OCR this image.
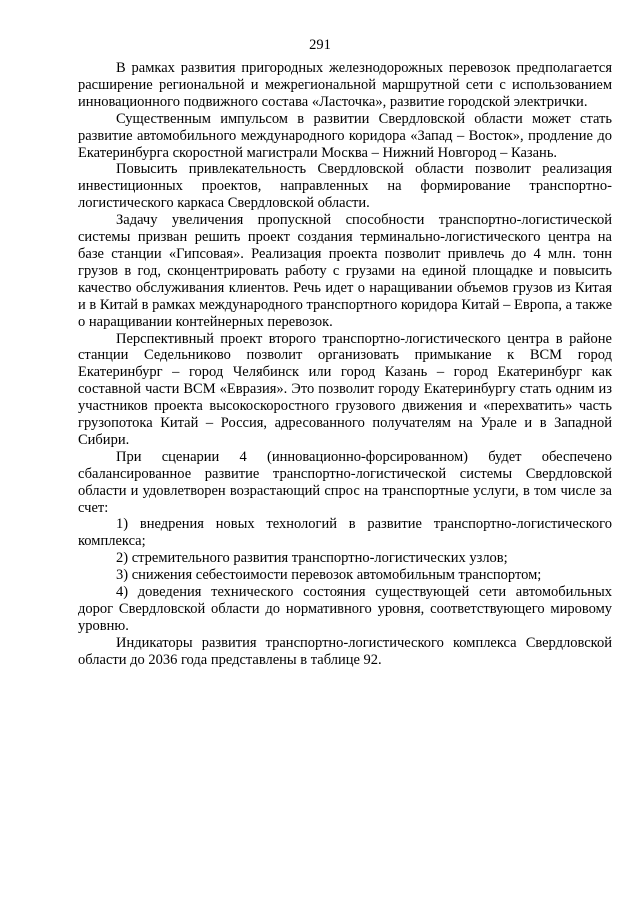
291

В рамках развития пригородных железнодорожных перевозок предполагается расширение региональной и межрегиональной маршрутной сети с использованием инновационного подвижного состава «Ласточка», развитие городской электрички.

Существенным импульсом в развитии Свердловской области может стать развитие автомобильного международного коридора «Запад – Восток», продление до Екатеринбурга скоростной магистрали Москва – Нижний Новгород – Казань.

Повысить привлекательность Свердловской области позволит реализация инвестиционных проектов, направленных на формирование транспортно-логистического каркаса Свердловской области.

Задачу увеличения пропускной способности транспортно-логистической системы призван решить проект создания терминально-логистического центра на базе станции «Гипсовая». Реализация проекта позволит привлечь до 4 млн. тонн грузов в год, сконцентрировать работу с грузами на единой площадке и повысить качество обслуживания клиентов. Речь идет о наращивании объемов грузов из Китая и в Китай в рамках международного транспортного коридора Китай – Европа, а также о наращивании контейнерных перевозок.

Перспективный проект второго транспортно-логистического центра в районе станции Седельниково позволит организовать примыкание к ВСМ город Екатеринбург – город Челябинск или город Казань – город Екатеринбург как составной части ВСМ «Евразия». Это позволит городу Екатеринбургу стать одним из участников проекта высокоскоростного грузового движения и «перехватить» часть грузопотока Китай – Россия, адресованного получателям на Урале и в Западной Сибири.

При сценарии 4 (инновационно-форсированном) будет обеспечено сбалансированное развитие транспортно-логистической системы Свердловской области и удовлетворен возрастающий спрос на транспортные услуги, в том числе за счет:

1) внедрения новых технологий в развитие транспортно-логистического комплекса;

2) стремительного развития транспортно-логистических узлов;

3) снижения себестоимости перевозок автомобильным транспортом;

4) доведения технического состояния существующей сети автомобильных дорог Свердловской области до нормативного уровня, соответствующего мировому уровню.

Индикаторы развития транспортно-логистического комплекса Свердловской области до 2036 года представлены в таблице 92.
